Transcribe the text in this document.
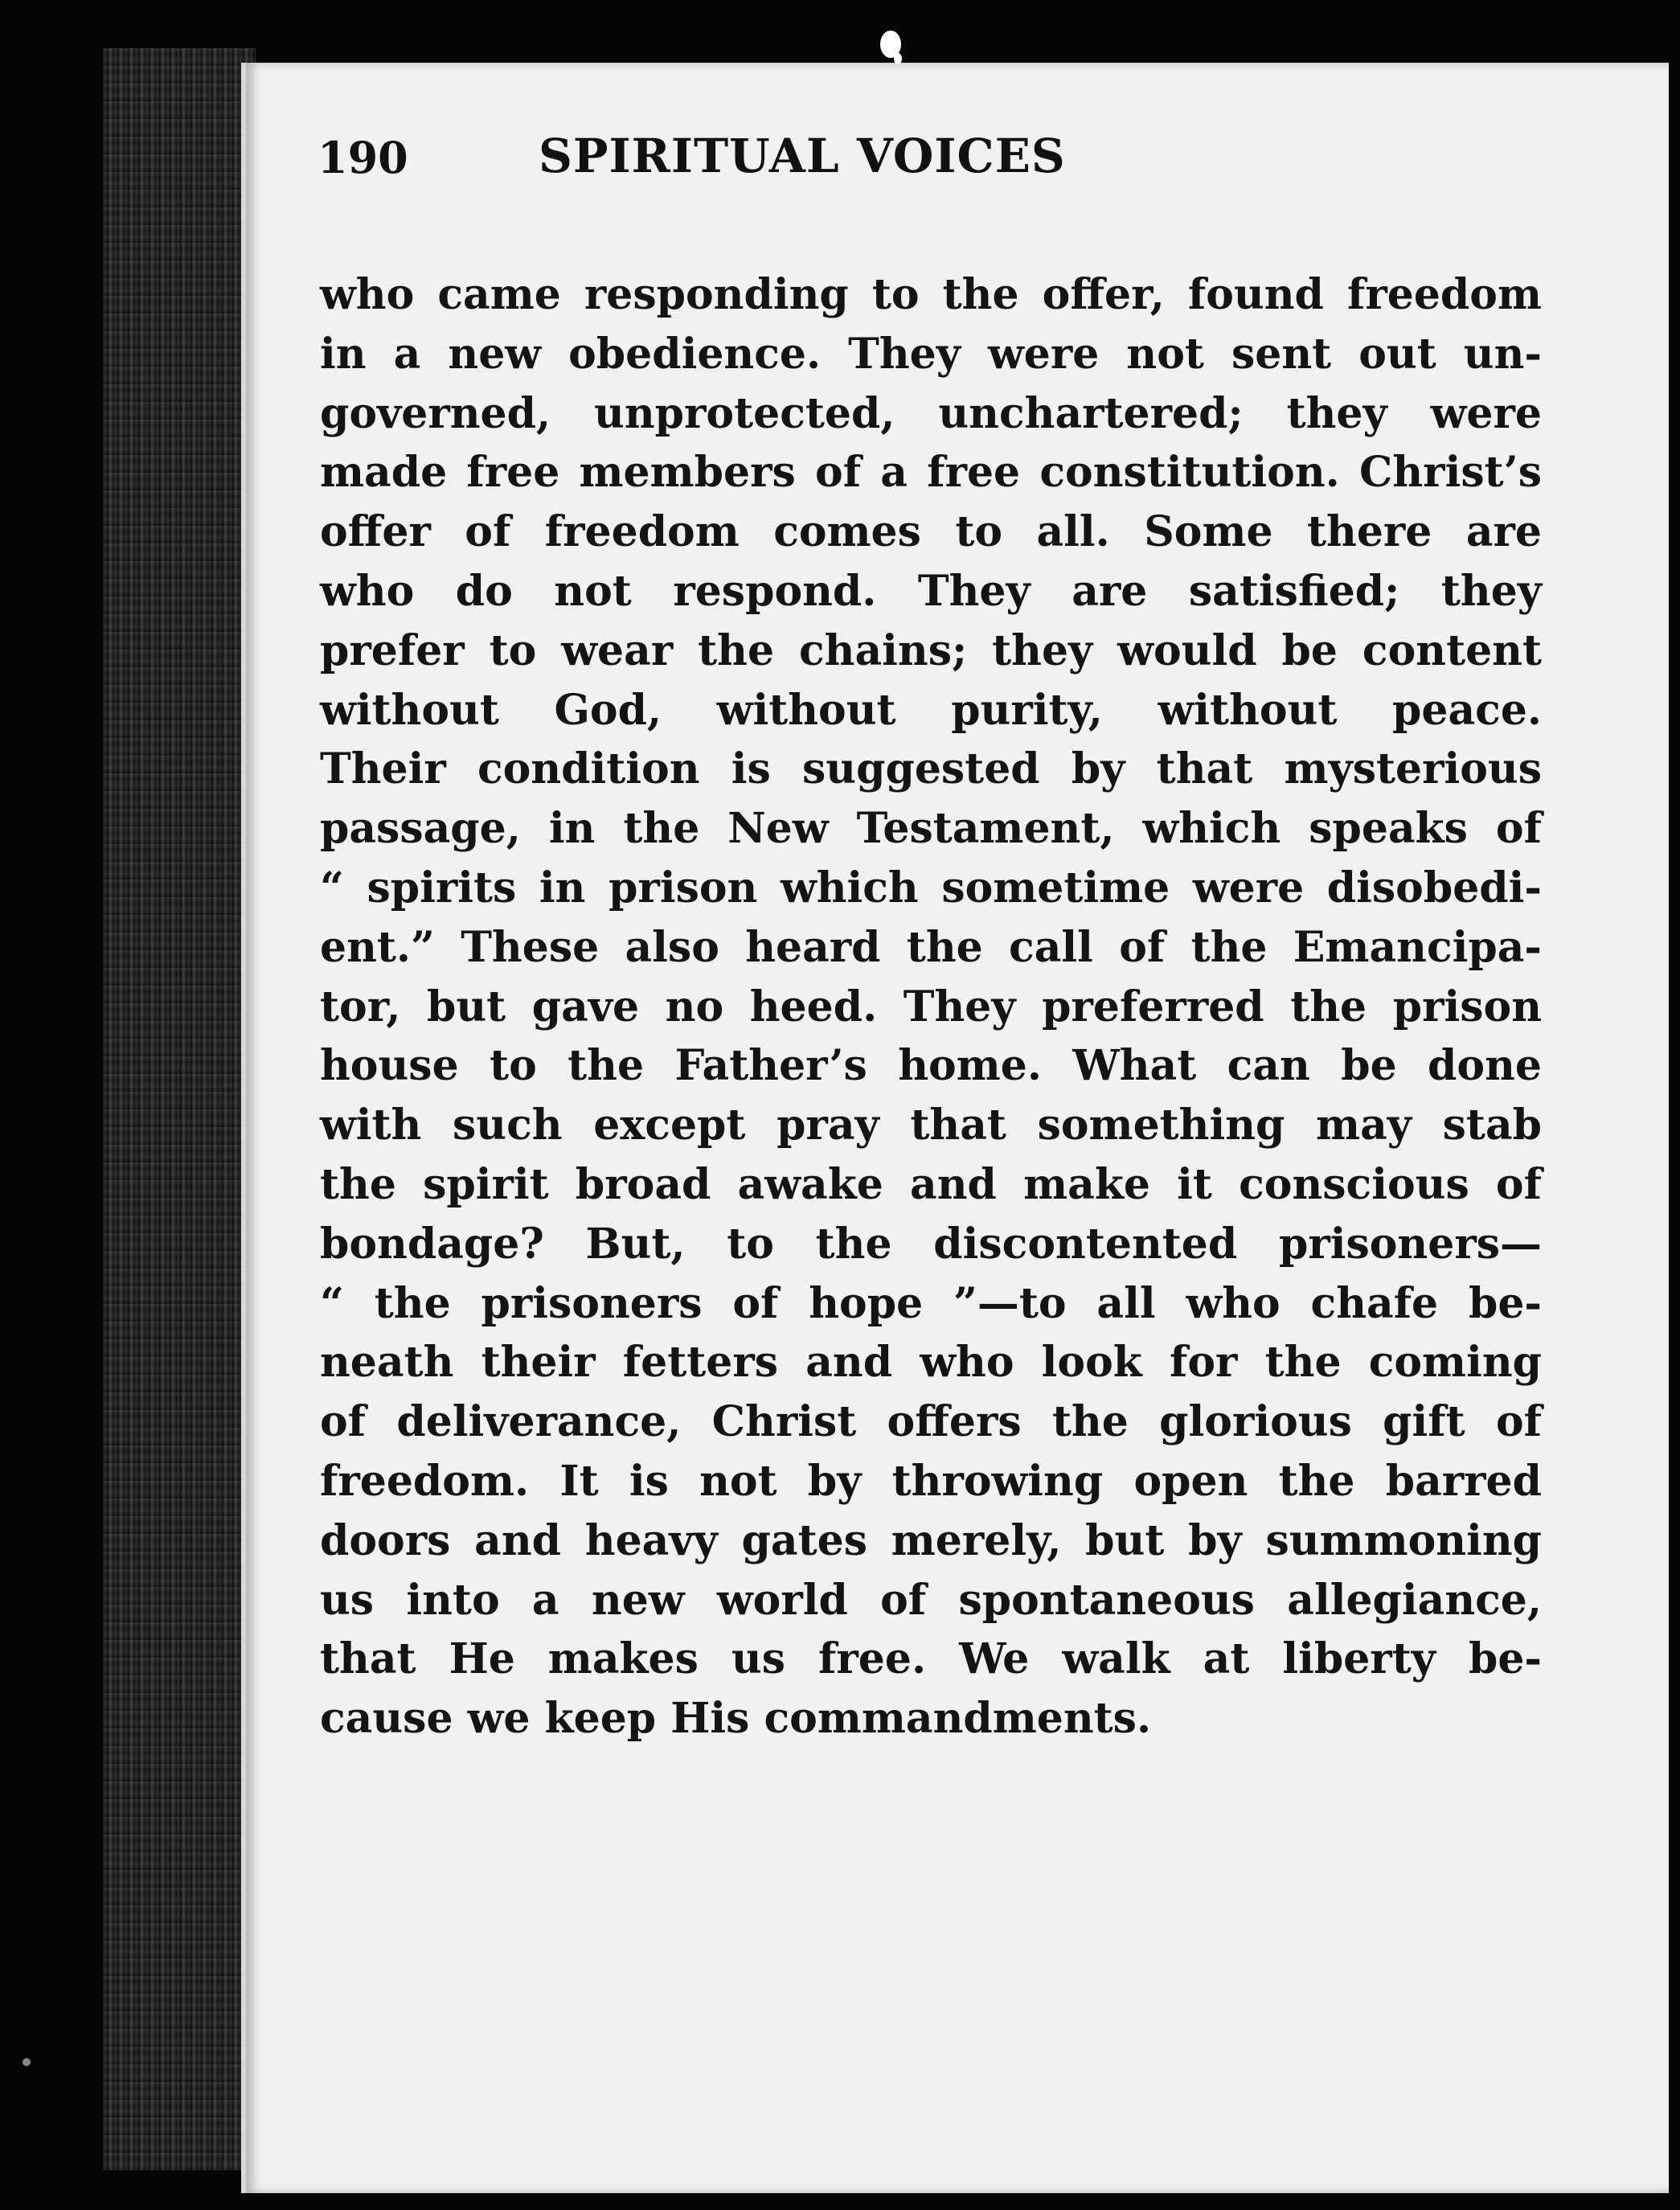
190	SPIRITUAL VOICES
who came responding to the offer, found freedom
in a new obedience. They were not sent out un-
governed, unprotected, unchartered; they were
made free members of a free constitution. Christ’s
offer of freedom comes to all. Some there are
who do not respond. They are satisfied; they
prefer to wear the chains; they would be content
without God, without purity, without peace.
Their condition is suggested by that mysterious
passage, in the New Testament, which speaks of
“ spirits in prison which sometime were disobedi-
ent.” These also heard the call of the Emancipa-
tor, but gave no heed. They preferred the prison
house to the Father’s home. What can be done
with such except pray that something may stab
the spirit broad awake and make it conscious of
bondage? But, to the discontented prisoners—
“ the prisoners of hope ”—to all who chafe be-
neath their fetters and who look for the coming
of deliverance, Christ offers the glorious gift of
freedom. It is not by throwing open the barred
doors and heavy gates merely, but by summoning
us into a new world of spontaneous allegiance,
that He makes us free. We walk at liberty be-
cause we keep His commandments.
